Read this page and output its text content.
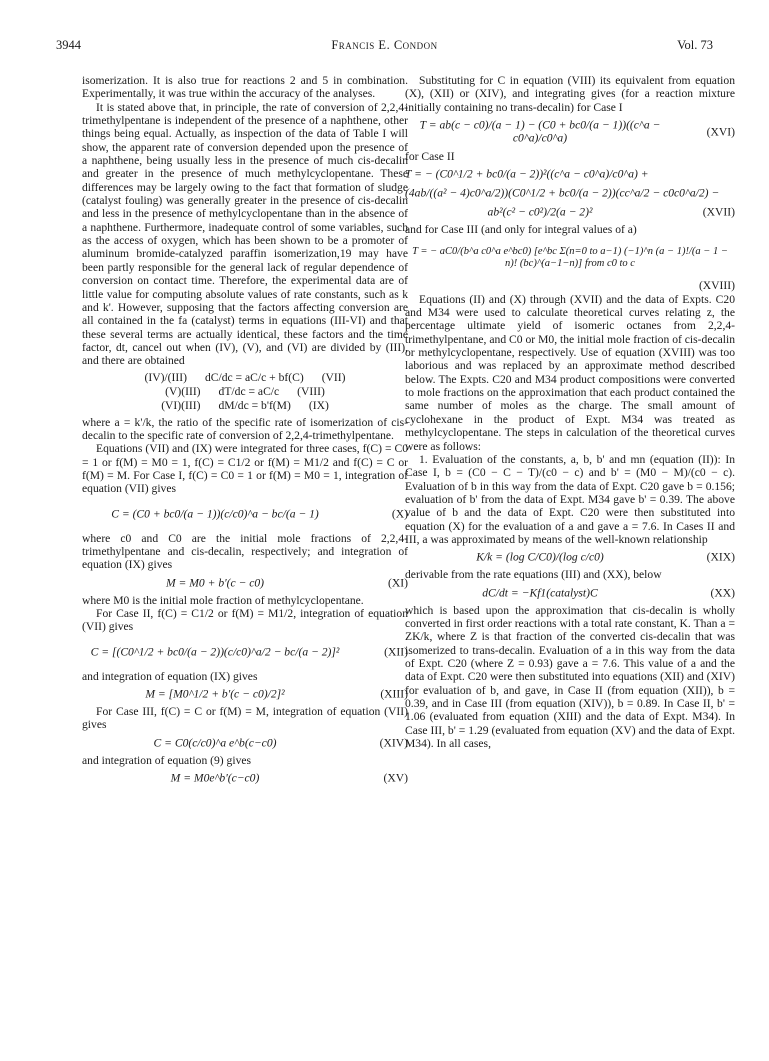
3944	Francis E. Condon	Vol. 73

isomerization. It is also true for reactions 2 and 5 in combination. Experimentally, it was true within the accuracy of the analyses.

It is stated above that, in principle, the rate of conversion of 2,2,4-trimethylpentane is independent of the presence of a naphthene, other things being equal. Actually, as inspection of the data of Table I will show, the apparent rate of conversion depended upon the presence of a naphthene, being usually less in the presence of much cis-decalin and greater in the presence of much methylcyclopentane. These differences may be largely owing to the fact that formation of sludge (catalyst fouling) was generally greater in the presence of cis-decalin and less in the presence of methylcyclopentane than in the absence of a naphthene. Furthermore, inadequate control of some variables, such as the access of oxygen, which has been shown to be a promoter of aluminum bromide-catalyzed paraffin isomerization,19 may have been partly responsible for the general lack of regular dependence of conversion on contact time. Therefore, the experimental data are of little value for computing absolute values of rate constants, such as k and k'. However, supposing that the factors affecting conversion are all contained in the fa (catalyst) terms in equations (III-VI) and that these several terms are actually identical, these factors and the time factor, dt, cancel out when (IV), (V), and (VI) are divided by (III), and there are obtained

(IV)/(III) dC/dc = aC/c + bf(C) (VII)
(V)(III) dT/dc = aC/c (VIII)
(VI)(III) dM/dc = b'f(M) (IX)

where a = k'/k, the ratio of the specific rate of isomerization of cis-decalin to the specific rate of conversion of 2,2,4-trimethylpentane.

Equations (VII) and (IX) were integrated for three cases, f(C) = C0 = 1 or f(M) = M0 = 1, f(C) = C1/2 or f(M) = M1/2 and f(C) = C or f(M) = M. For Case I, f(C) = C0 = 1 or f(M) = M0 = 1, integration of equation (VII) gives

C = (C0 + bc0/(a − 1))(c/c0)^a − bc/(a − 1)	(X)

where c0 and C0 are the initial mole fractions of 2,2,4-trimethylpentane and cis-decalin, respectively; and integration of equation (IX) gives

M = M0 + b'(c − c0)	(XI)

where M0 is the initial mole fraction of methylcyclopentane.

For Case II, f(C) = C1/2 or f(M) = M1/2, integration of equation (VII) gives

C = [(C0^1/2 + bc0/(a − 2))(c/c0)^a/2 − bc/(a − 2)]²	(XII)

and integration of equation (IX) gives

M = [M0^1/2 + b'(c − c0)/2]²	(XIII)

For Case III, f(C) = C or f(M) = M, integration of equation (VII) gives

C = C0(c/c0)^a e^b(c−c0)	(XIV)

and integration of equation (9) gives

M = M0e^b'(c−c0)	(XV)

Substituting for C in equation (VIII) its equivalent from equation (X), (XII) or (XIV), and integrating gives (for a reaction mixture initially containing no trans-decalin) for Case I

T = ab(c − c0)/(a − 1) − (C0 + bc0/(a − 1))((c^a − c0^a)/c0^a)
(XVI)

for Case II

T = − (C0^1/2 + bc0/(a − 2))²((c^a − c0^a)/c0^a) +
(4ab/((a² − 4)c0^a/2))(C0^1/2 + bc0/(a − 2))(cc^a/2 − c0c0^a/2) −
ab²(c² − c0²)/2(a − 2)²	(XVII)

and for Case III (and only for integral values of a)

T = − aC0/(b^a c0^a e^bc0) [e^bc Σ(n=0 to a−1) (−1)^n (a − 1)!/(a − 1 − n)! (bc)^(a−1−n)] from c0 to c
(XVIII)

Equations (II) and (X) through (XVII) and the data of Expts. C20 and M34 were used to calculate theoretical curves relating z, the percentage ultimate yield of isomeric octanes from 2,2,4-trimethylpentane, and C0 or M0, the initial mole fraction of cis-decalin or methylcyclopentane, respectively. Use of equation (XVIII) was too laborious and was replaced by an approximate method described below. The Expts. C20 and M34 product compositions were converted to mole fractions on the approximation that each product contained the same number of moles as the charge. The small amount of cyclohexane in the product of Expt. M34 was treated as methylcyclopentane. The steps in calculation of the theoretical curves were as follows:

1. Evaluation of the constants, a, b, b' and mn (equation (II)): In Case I, b = (C0 − C − T)/(c0 − c) and b' = (M0 − M)/(c0 − c). Evaluation of b in this way from the data of Expt. C20 gave b = 0.156; evaluation of b' from the data of Expt. M34 gave b' = 0.39. The above value of b and the data of Expt. C20 were then substituted into equation (X) for the evaluation of a and gave a = 7.6. In Cases II and III, a was approximated by means of the well-known relationship

K/k = (log C/C0)/(log c/c0)	(XIX)

derivable from the rate equations (III) and (XX), below

dC/dt = −Kf1(catalyst)C	(XX)

which is based upon the approximation that cis-decalin is wholly converted in first order reactions with a total rate constant, K. Than a = ZK/k, where Z is that fraction of the converted cis-decalin that was isomerized to trans-decalin. Evaluation of a in this way from the data of Expt. C20 (where Z = 0.93) gave a = 7.6. This value of a and the data of Expt. C20 were then substituted into equations (XII) and (XIV) for evaluation of b, and gave, in Case II (from equation (XII)), b = 0.39, and in Case III (from equation (XIV)), b = 0.89. In Case II, b' = 1.06 (evaluated from equation (XIII) and the data of Expt. M34). In Case III, b' = 1.29 (evaluated from equation (XV) and the data of Expt. M34). In all cases,
